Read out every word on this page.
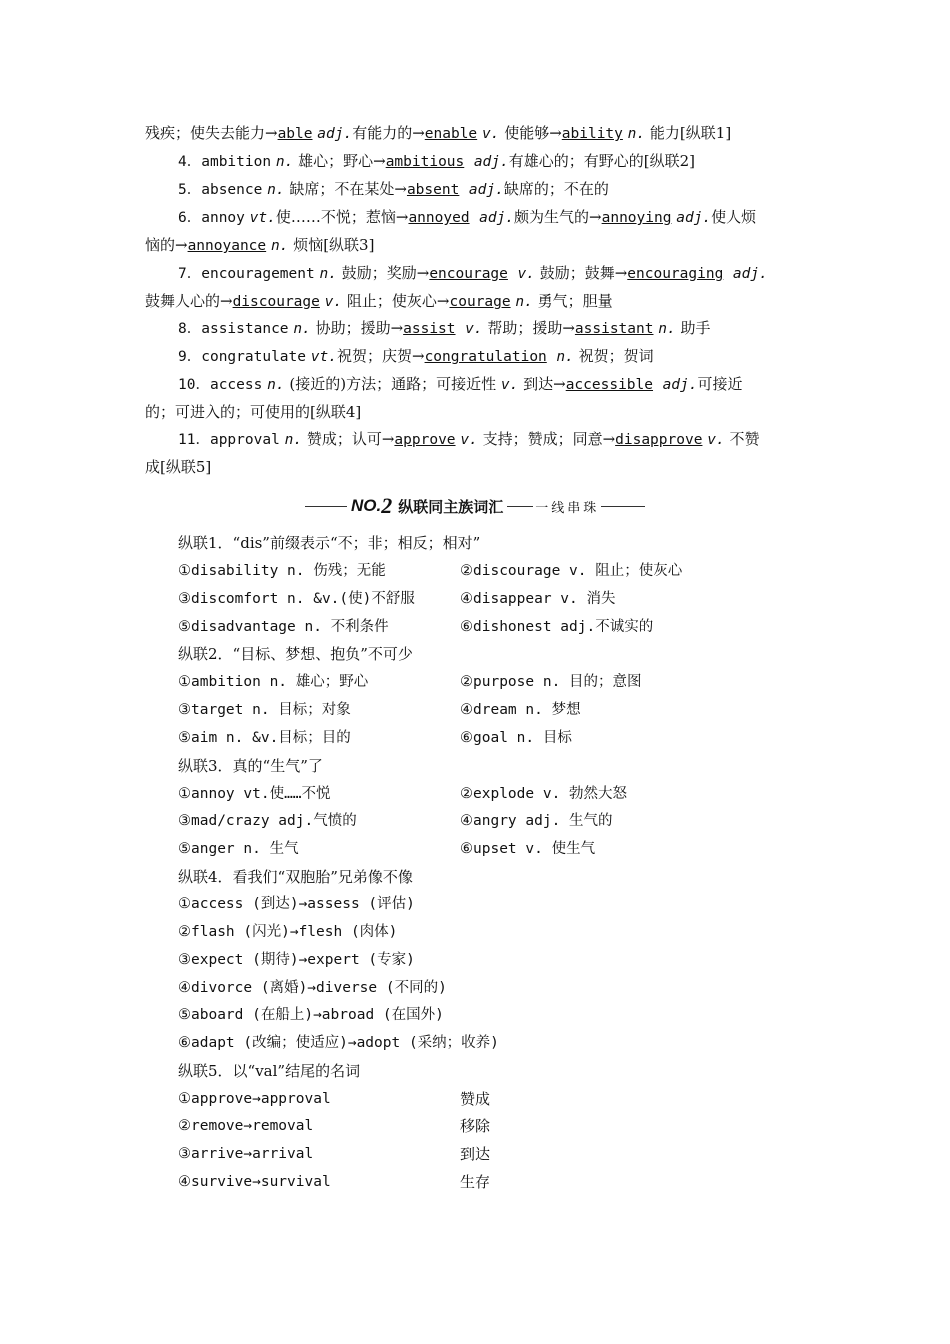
残疾；使失去能力→able adj.有能力的→enable v. 使能够→ability n. 能力[纵联1]
4．ambition n. 雄心；野心→ambitious adj.有雄心的；有野心的[纵联2]
5．absence n. 缺席；不在某处→absent adj.缺席的；不在的
6．annoy vt.使……不悦；惹恼→annoyed adj.颇为生气的→annoying adj.使人烦
恼的→annoyance n. 烦恼[纵联3]
7．encouragement n. 鼓励；奖励→encourage v. 鼓励；鼓舞→encouraging adj.
鼓舞人心的→discourage v. 阻止；使灰心→courage n. 勇气；胆量
8．assistance n. 协助；援助→assist v. 帮助；援助→assistant n. 助手
9．congratulate vt.祝贺；庆贺→congratulation n. 祝贺；贺词
10．access n. (接近的)方法；通路；可接近性 v. 到达→accessible adj.可接近
的；可进入的；可使用的[纵联4]
11．approval n. 赞成；认可→approve v. 支持；赞成；同意→disapprove v. 不赞
成[纵联5]
NO. 2 纵联同主族词汇 一线串珠
纵联1．“dis”前缀表示“不；非；相反；相对”
①disability n. 伤残；无能	②discourage v. 阻止；使灰心
③discomfort n. &v.(使)不舒服	④disappear v. 消失
⑤disadvantage n. 不利条件	⑥dishonest adj.不诚实的
纵联2．“目标、梦想、抱负”不可少
①ambition n. 雄心；野心	②purpose n. 目的；意图
③target n. 目标；对象	④dream n. 梦想
⑤aim n. &v.目标；目的	⑥goal n. 目标
纵联3．真的“生气”了
①annoy vt.使……不悦	②explode v. 勃然大怒
③mad/crazy adj.气愤的	④angry adj. 生气的
⑤anger n. 生气	⑥upset v. 使生气
纵联4．看我们“双胞胎”兄弟像不像
①access (到达)→assess (评估)
②flash (闪光)→flesh (肉体)
③expect (期待)→expert (专家)
④divorce (离婚)→diverse (不同的)
⑤aboard (在船上)→abroad (在国外)
⑥adapt (改编；使适应)→adopt (采纳；收养)
纵联5．以“val”结尾的名词
①approve→approval	赞成
②remove→removal	移除
③arrive→arrival	到达
④survive→survival	生存
